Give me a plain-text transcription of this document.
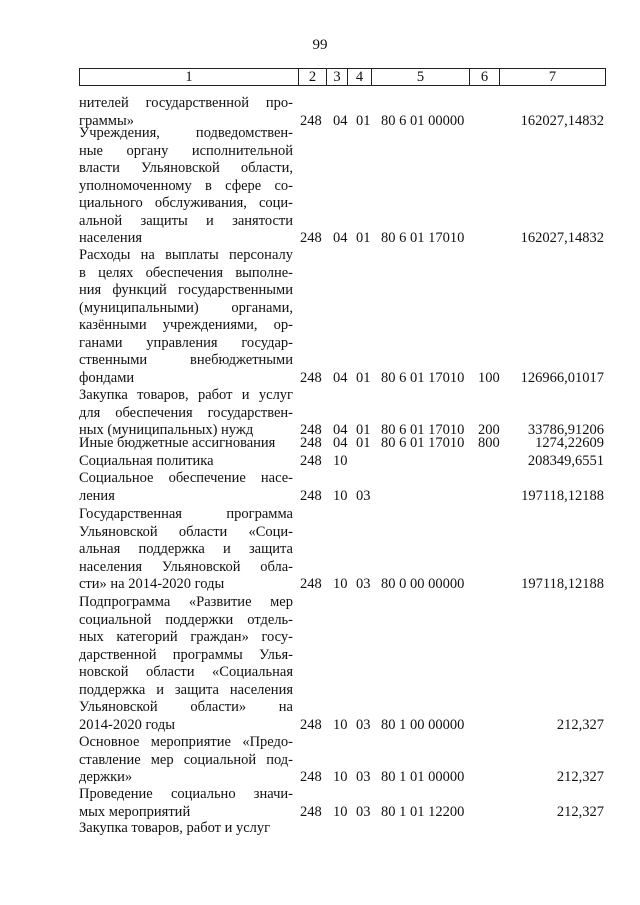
99
1	2	3	4	5	6	7
нителей государственной про-
граммы»	248 04 01 80 6 01 00000	162027,14832
Учреждения, подведомствен-
ные органу исполнительной
власти Ульяновской области,
уполномоченному в сфере со-
циального обслуживания, соци-
альной защиты и занятости
населения	248 04 01 80 6 01 17010	162027,14832
Расходы на выплаты персоналу
в целях обеспечения выполне-
ния функций государственными
(муниципальными) органами,
казёнными учреждениями, ор-
ганами управления государ-
ственными внебюджетными
фондами	248 04 01 80 6 01 17010 100	126966,01017
Закупка товаров, работ и услуг
для обеспечения государствен-
ных (муниципальных) нужд	248 04 01 80 6 01 17010 200	33786,91206
Иные бюджетные ассигнования	248 04 01 80 6 01 17010 800	1274,22609
Социальная политика	248 10	208349,6551
Социальное обеспечение насе-
ления	248 10 03	197118,12188
Государственная программа
Ульяновской области «Соци-
альная поддержка и защита
населения Ульяновской обла-
сти» на 2014-2020 годы	248 10 03 80 0 00 00000	197118,12188
Подпрограмма «Развитие мер
социальной поддержки отдель-
ных категорий граждан» госу-
дарственной программы Улья-
новской области «Социальная
поддержка и защита населения
Ульяновской области» на
2014-2020 годы	248 10 03 80 1 00 00000	212,327
Основное мероприятие «Предо-
ставление мер социальной под-
держки»	248 10 03 80 1 01 00000	212,327
Проведение социально значи-
мых мероприятий	248 10 03 80 1 01 12200	212,327
Закупка товаров, работ и услуг
